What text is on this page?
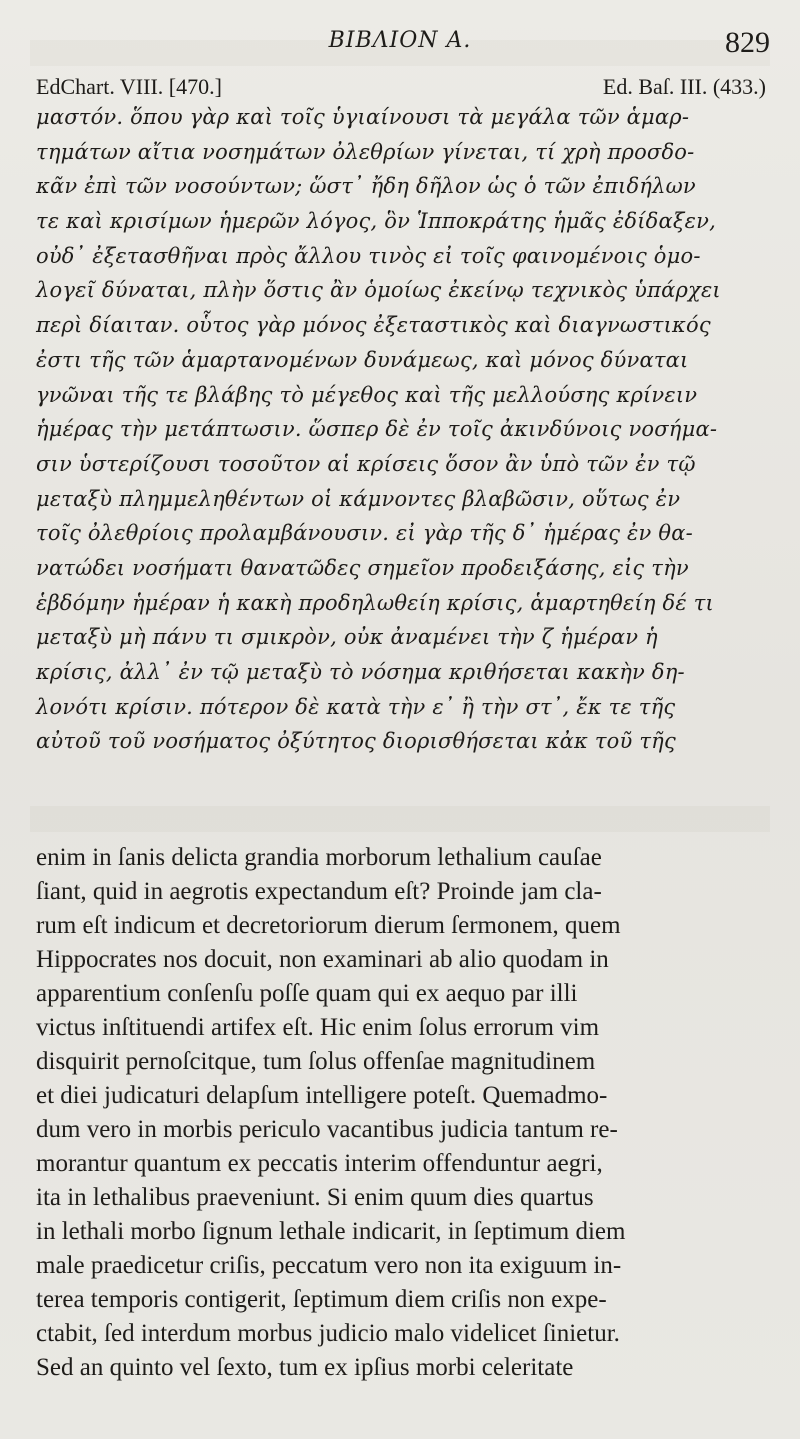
ΒΙΒΛΙΟΝ Α.	829
EdChart. VIII. [470.]	Ed. Baſ. III. (433.)
μαστόν. ὅπου γὰρ καὶ τοῖς ὑγιαίνουσι τὰ μεγάλα τῶν ἁμαρ-
τημάτων αἴτια νοσημάτων ὀλεθρίων γίνεται, τί χρὴ προσδο-
κᾶν ἐπὶ τῶν νοσούντων; ὥστ᾽ ἤδη δῆλον ὡς ὁ τῶν ἐπιδήλων
τε καὶ κρισίμων ἡμερῶν λόγος, ὃν Ἱπποκράτης ἡμᾶς ἐδίδαξεν,
οὐδ᾽ ἐξετασθῆναι πρὸς ἄλλου τινὸς εἰ τοῖς φαινομένοις ὁμο-
λογεῖ δύναται, πλὴν ὅστις ἂν ὁμοίως ἐκείνῳ τεχνικὸς ὑπάρχει
περὶ δίαιταν. οὗτος γὰρ μόνος ἐξεταστικὸς καὶ διαγνωστικός
ἐστι τῆς τῶν ἁμαρτανομένων δυνάμεως, καὶ μόνος δύναται
γνῶναι τῆς τε βλάβης τὸ μέγεθος καὶ τῆς μελλούσης κρίνειν
ἡμέρας τὴν μετάπτωσιν. ὥσπερ δὲ ἐν τοῖς ἀκινδύνοις νοσήμα-
σιν ὑστερίζουσι τοσοῦτον αἱ κρίσεις ὅσον ἂν ὑπὸ τῶν ἐν τῷ
μεταξὺ πλημμεληθέντων οἱ κάμνοντες βλαβῶσιν, οὕτως ἐν
τοῖς ὀλεθρίοις προλαμβάνουσιν. εἰ γὰρ τῆς δ᾽ ἡμέρας ἐν θα-
νατώδει νοσήματι θανατῶδες σημεῖον προδειξάσης, εἰς τὴν
ἑβδόμην ἡμέραν ἡ κακὴ προδηλωθείη κρίσις, ἁμαρτηθείη δέ τι
μεταξὺ μὴ πάνυ τι σμικρὸν, οὐκ ἀναμένει τὴν ζ ἡμέραν ἡ
κρίσις, ἀλλ᾽ ἐν τῷ μεταξὺ τὸ νόσημα κριθήσεται κακὴν δη-
λονότι κρίσιν. πότερον δὲ κατὰ τὴν ε᾽ ἢ τὴν στ᾽, ἔκ τε τῆς
αὐτοῦ τοῦ νοσήματος ὀξύτητος διορισθήσεται κἀκ τοῦ τῆς
enim in ſanis delicta grandia morborum lethalium cauſae
ſiant, quid in aegrotis expectandum eſt? Proinde jam cla-
rum eſt indicum et decretoriorum dierum ſermonem, quem
Hippocrates nos docuit, non examinari ab alio quodam in
apparentium conſenſu poſſe quam qui ex aequo par illi
victus inſtituendi artifex eſt. Hic enim ſolus errorum vim
disquirit pernoſcitque, tum ſolus offenſae magnitudinem
et diei judicaturi delapſum intelligere poteſt. Quemadmo-
dum vero in morbis periculo vacantibus judicia tantum re-
morantur quantum ex peccatis interim offenduntur aegri,
ita in lethalibus praeveniunt. Si enim quum dies quartus
in lethali morbo ſignum lethale indicarit, in ſeptimum diem
male praedicetur criſis, peccatum vero non ita exiguum in-
terea temporis contigerit, ſeptimum diem criſis non expe-
ctabit, ſed interdum morbus judicio malo videlicet ſinietur.
Sed an quinto vel ſexto, tum ex ipſius morbi celeritate
